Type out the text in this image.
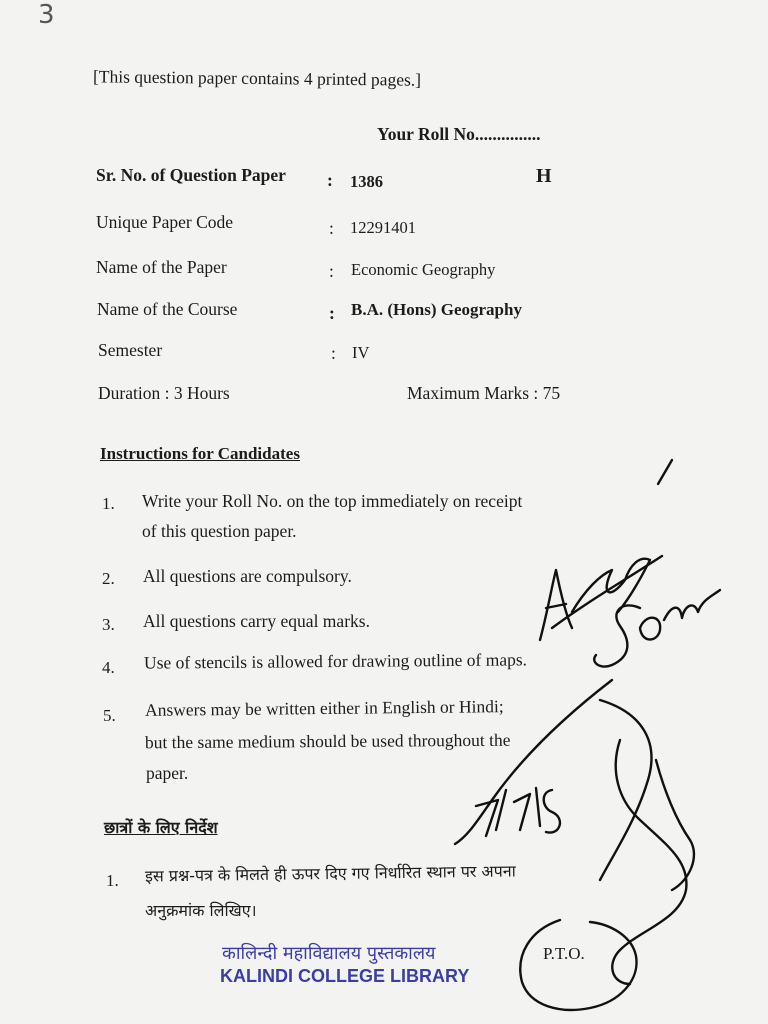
3
[This question paper contains 4 printed pages.]
Your Roll No...............
Sr. No. of Question Paper : 1386	H
Unique Paper Code	: 12291401
Name of the Paper	: Economic Geography
Name of the Course	: B.A. (Hons) Geography
Semester	: IV
Duration : 3 Hours	Maximum Marks : 75
Instructions for Candidates
1. Write your Roll No. on the top immediately on receipt
of this question paper.
2. All questions are compulsory.
3. All questions carry equal marks.
4. Use of stencils is allowed for drawing outline of maps.
5. Answers may be written either in English or Hindi;
but the same medium should be used throughout the
paper.
छात्रों के लिए निर्देश
1. इस प्रश्न-पत्र के मिलते ही ऊपर दिए गए निर्धारित स्थान पर अपना
अनुक्रमांक लिखिए।
कालिन्दी महाविद्यालय पुस्तकालय
KALINDI COLLEGE LIBRARY
P.T.O.
